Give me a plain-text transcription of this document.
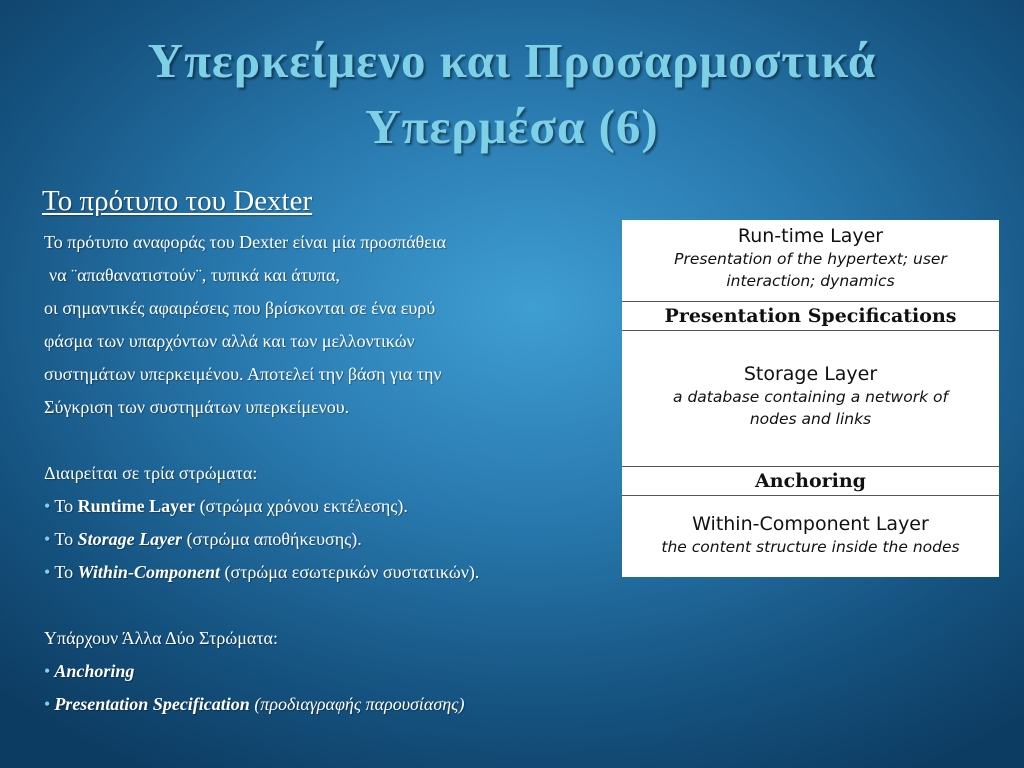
Υπερκείμενο και Προσαρμοστικά
Υπερμέσα (6)
Το πρότυπο του Dexter
Το πρότυπο αναφοράς του Dexter είναι μία προσπάθεια
να ¨απαθανατιστούν¨, τυπικά και άτυπα,
οι σημαντικές αφαιρέσεις που βρίσκονται σε ένα ευρύ
φάσμα των υπαρχόντων αλλά και των μελλοντικών
συστημάτων υπερκειμένου. Αποτελεί την βάση για την
Σύγκριση των συστημάτων υπερκείμενου.
Διαιρείται σε τρία στρώματα:
• Το Runtime Layer (στρώμα χρόνου εκτέλεσης).
• Το Storage Layer (στρώμα αποθήκευσης).
• Το Within-Component (στρώμα εσωτερικών συστατικών).
Υπάρχουν Άλλα Δύο Στρώματα:
• Anchoring
• Presentation Specification (προδιαγραφής παρουσίασης)
Run-time Layer
Presentation of the hypertext; user
interaction; dynamics
Presentation Specifications
Storage Layer
a database containing a network of
nodes and links
Anchoring
Within-Component Layer
the content structure inside the nodes
